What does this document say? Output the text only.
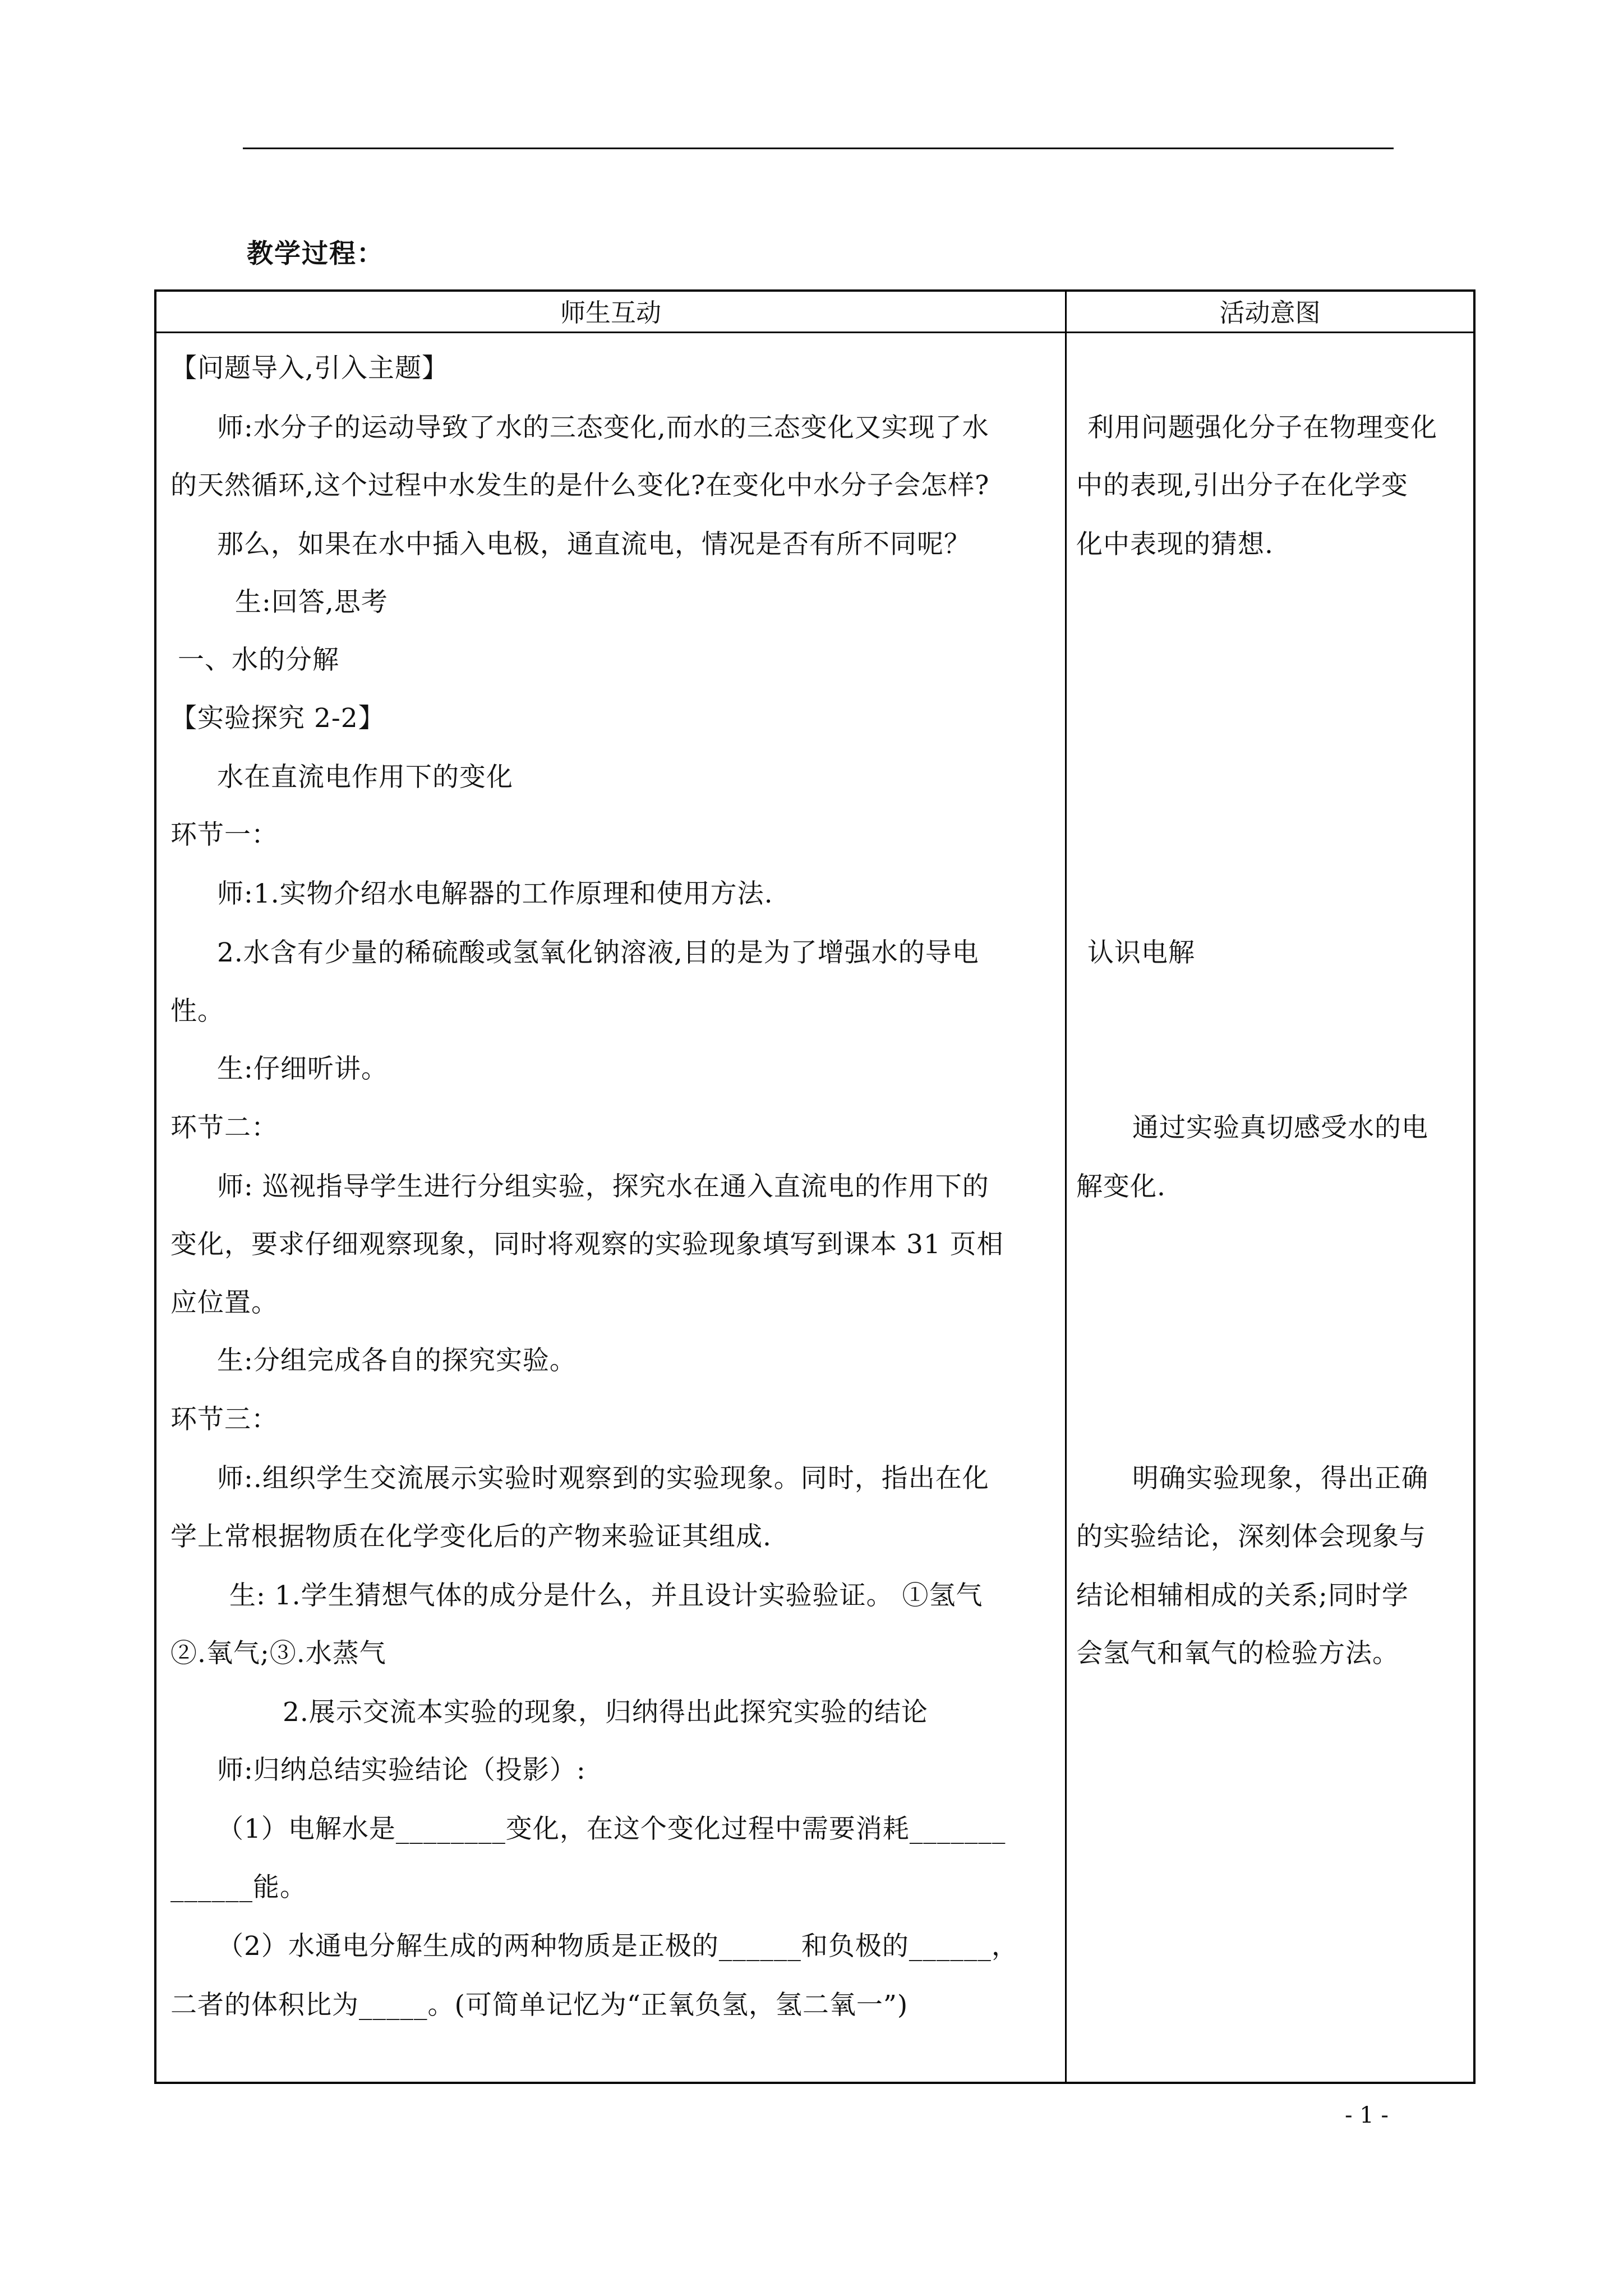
教学过程：
师生互动	活动意图
【问题导入,引入主题】
师:水分子的运动导致了水的三态变化,而水的三态变化又实现了水
的天然循环,这个过程中水发生的是什么变化?在变化中水分子会怎样?
那么，如果在水中插入电极，通直流电，情况是否有所不同呢？
生:回答,思考
一、水的分解
【实验探究 2-2】
水在直流电作用下的变化
环节一：
师:1.实物介绍水电解器的工作原理和使用方法.
2.水含有少量的稀硫酸或氢氧化钠溶液,目的是为了增强水的导电
性。
生:仔细听讲。
环节二：
师: 巡视指导学生进行分组实验，探究水在通入直流电的作用下的
变化，要求仔细观察现象，同时将观察的实验现象填写到课本 31 页相
应位置。
生:分组完成各自的探究实验。
环节三：
师:.组织学生交流展示实验时观察到的实验现象。同时，指出在化
学上常根据物质在化学变化后的产物来验证其组成.
生: 1.学生猜想气体的成分是什么，并且设计实验验证。 ①氢气
②.氧气;③.水蒸气
2.展示交流本实验的现象，归纳得出此探究实验的结论
师:归纳总结实验结论（投影）:
（1）电解水是________变化，在这个变化过程中需要消耗_______
______能。
（2）水通电分解生成的两种物质是正极的______和负极的______，
二者的体积比为_____。(可简单记忆为“正氧负氢，氢二氧一”)
利用问题强化分子在物理变化
中的表现,引出分子在化学变
化中表现的猜想.
认识电解
通过实验真切感受水的电
解变化.
明确实验现象，得出正确
的实验结论，深刻体会现象与
结论相辅相成的关系;同时学
会氢气和氧气的检验方法。
- 1 -
